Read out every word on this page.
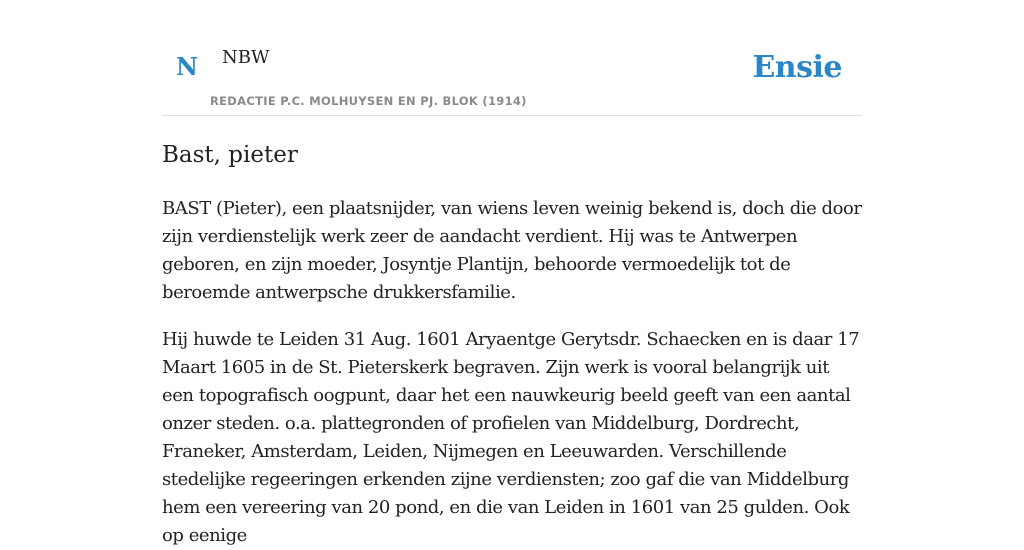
N NBW
REDACTIE P.C. MOLHUYSEN EN PJ. BLOK (1914)
Ensie
Bast, pieter

BAST (Pieter), een plaatsnijder, van wiens leven weinig bekend is, doch die door zijn verdienstelijk werk zeer de aandacht verdient. Hij was te Antwerpen geboren, en zijn moeder, Josyntje Plantijn, behoorde vermoedelijk tot de beroemde antwerpsche drukkersfamilie.

Hij huwde te Leiden 31 Aug. 1601 Aryaentge Gerytsdr. Schaecken en is daar 17 Maart 1605 in de St. Pieterskerk begraven. Zijn werk is vooral belangrijk uit een topografisch oogpunt, daar het een nauwkeurig beeld geeft van een aantal onzer steden. o.a. plattegronden of profielen van Middelburg, Dordrecht, Franeker, Amsterdam, Leiden, Nijmegen en Leeuwarden. Verschillende stedelijke regeeringen erkenden zijne verdiensten; zoo gaf die van Middelburg hem een vereering van 20 pond, en die van Leiden in 1601 van 25 gulden. Ook op eenige
